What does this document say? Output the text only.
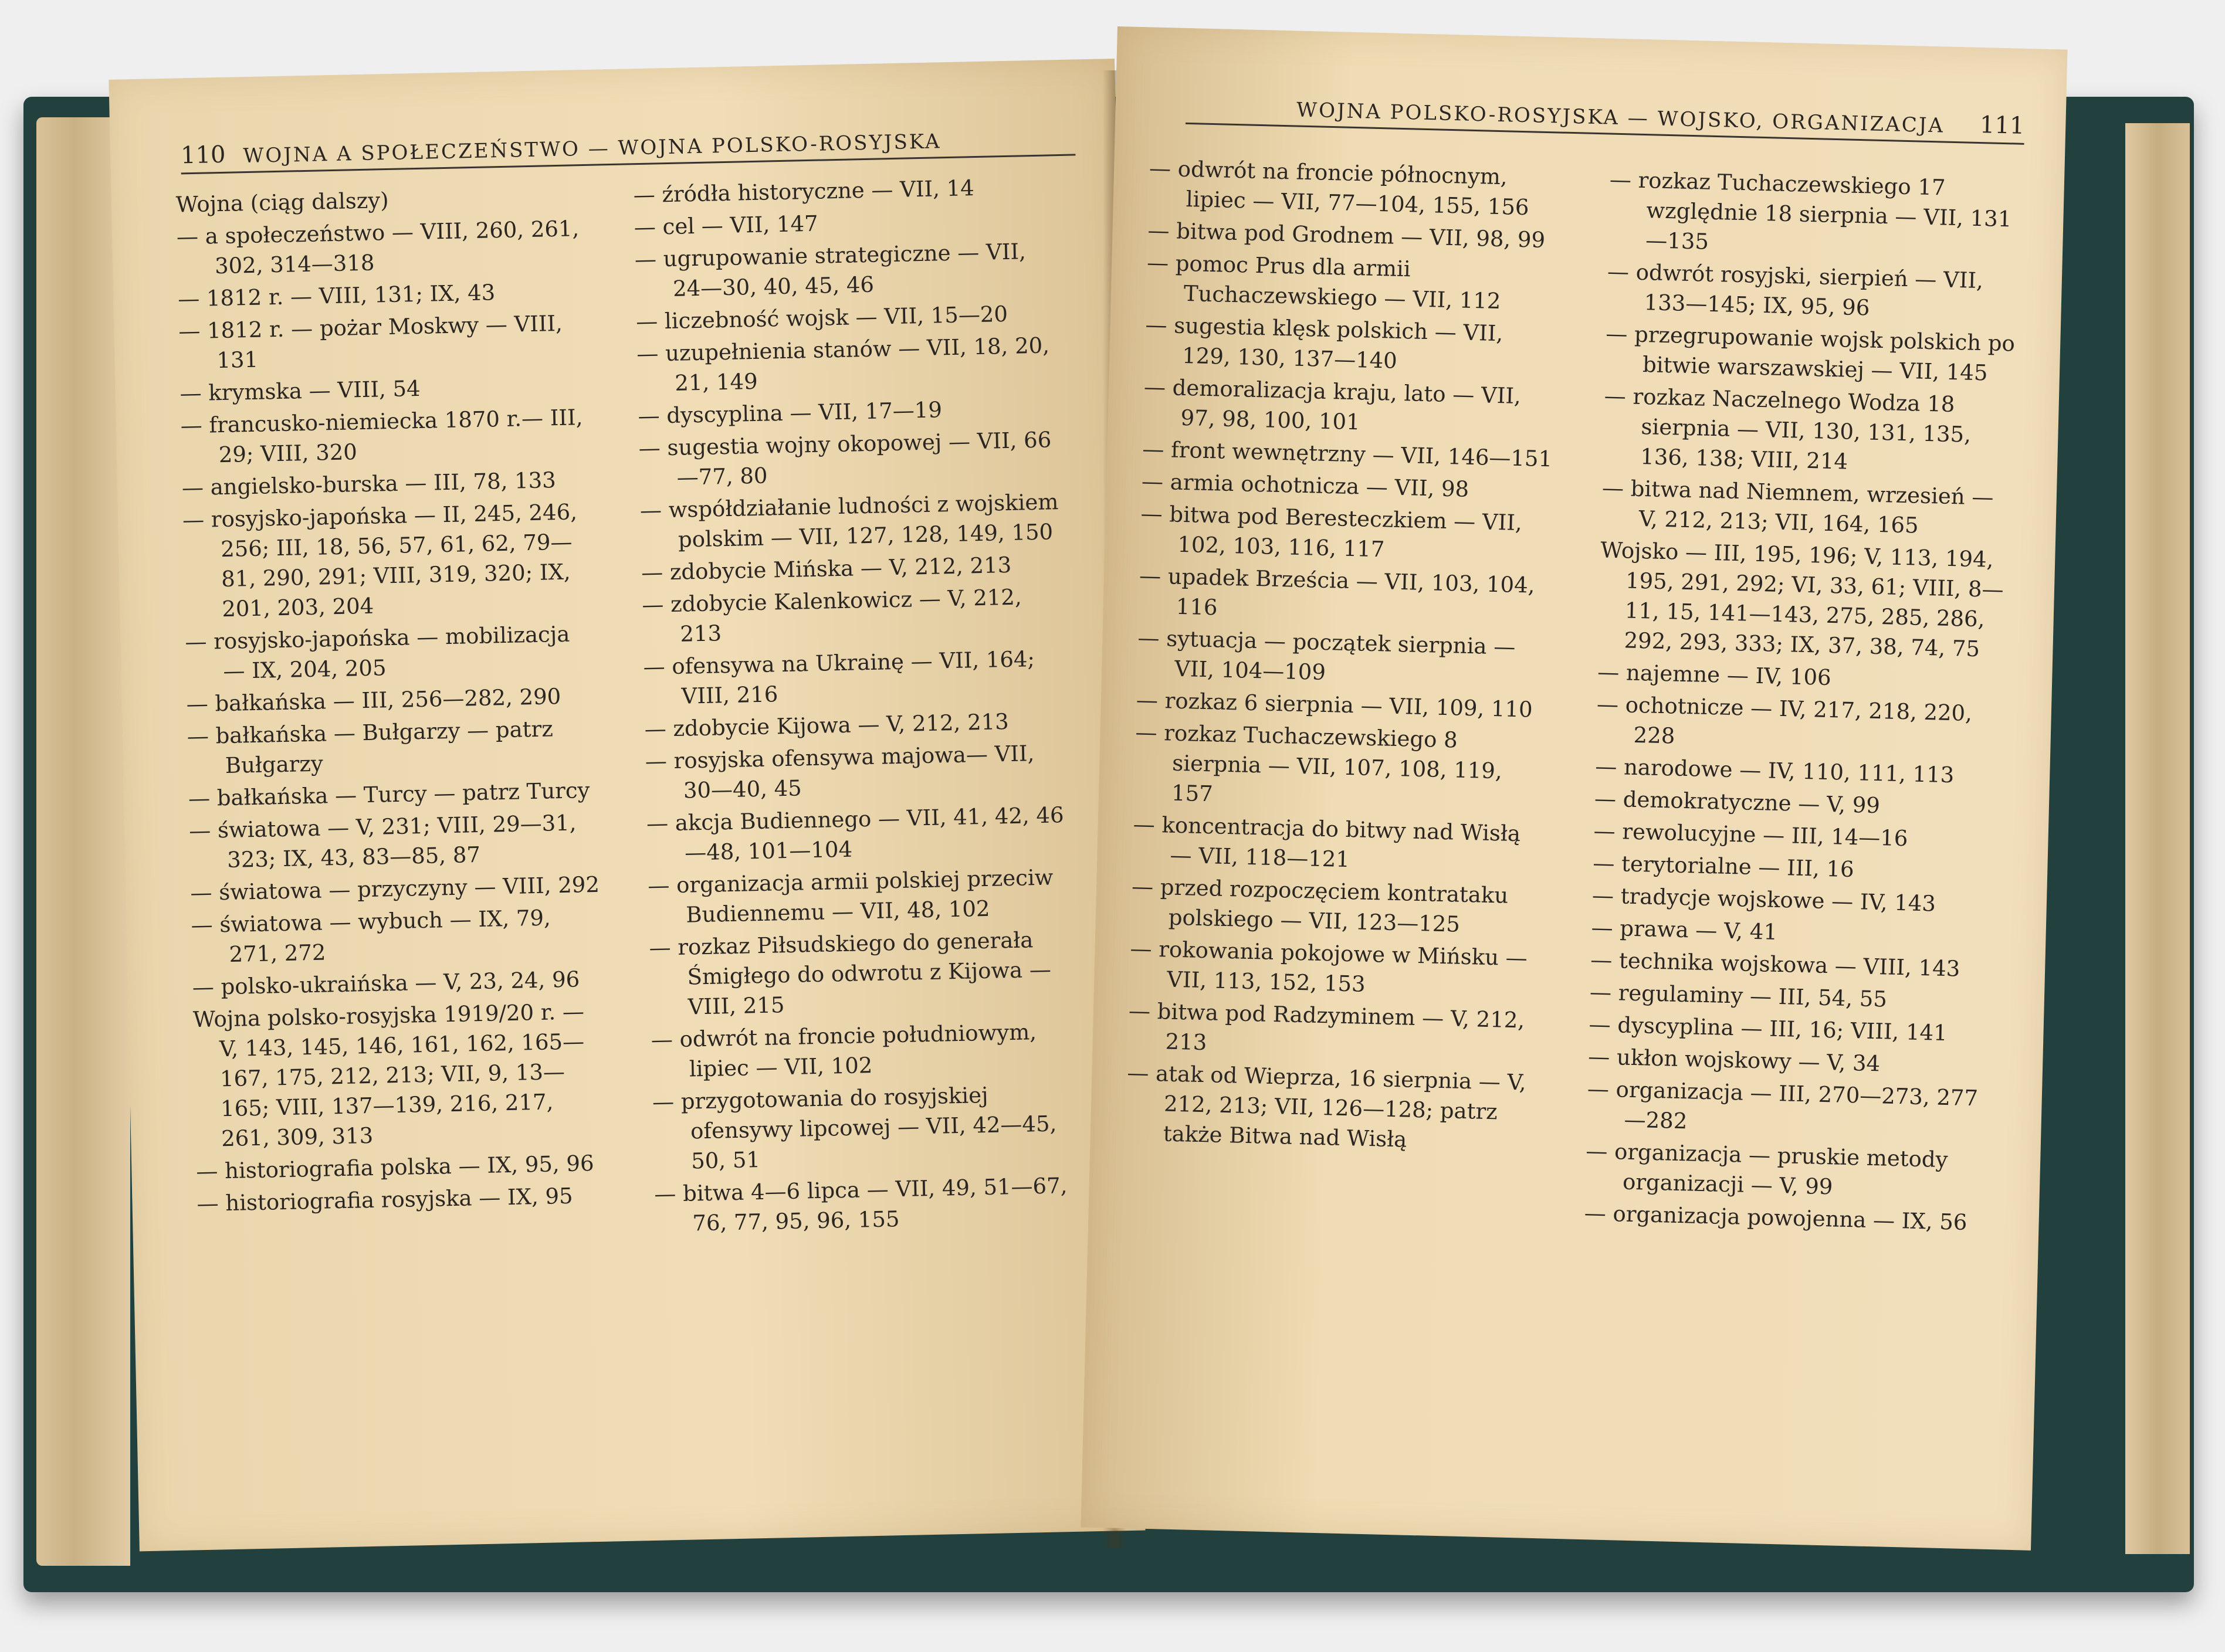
110 WOJNA A SPOŁECZEŃSTWO — WOJNA POLSKO-ROSYJSKA
Wojna (ciąg dalszy)
— a społeczeństwo — VIII, 260, 261, 302, 314—318
— 1812 r. — VIII, 131; IX, 43
— 1812 r. — pożar Moskwy — VIII, 131
— krymska — VIII, 54
— francusko-niemiecka 1870 r.— III, 29; VIII, 320
— angielsko-burska — III, 78, 133
— rosyjsko-japońska — II, 245, 246, 256; III, 18, 56, 57, 61, 62, 79—81, 290, 291; VIII, 319, 320; IX, 201, 203, 204
— rosyjsko-japońska — mobilizacja — IX, 204, 205
— bałkańska — III, 256—282, 290
— bałkańska — Bułgarzy — patrz Bułgarzy
— bałkańska — Turcy — patrz Turcy
— światowa — V, 231; VIII, 29—31, 323; IX, 43, 83—85, 87
— światowa — przyczyny — VIII, 292
— światowa — wybuch — IX, 79, 271, 272
— polsko-ukraińska — V, 23, 24, 96
Wojna polsko-rosyjska 1919/20 r. — V, 143, 145, 146, 161, 162, 165—167, 175, 212, 213; VII, 9, 13—165; VIII, 137—139, 216, 217, 261, 309, 313
— historiografia polska — IX, 95, 96
— historiografia rosyjska — IX, 95
— źródła historyczne — VII, 14
— cel — VII, 147
— ugrupowanie strategiczne — VII, 24—30, 40, 45, 46
— liczebność wojsk — VII, 15—20
— uzupełnienia stanów — VII, 18, 20, 21, 149
— dyscyplina — VII, 17—19
— sugestia wojny okopowej — VII, 66—77, 80
— współdziałanie ludności z wojskiem polskim — VII, 127, 128, 149, 150
— zdobycie Mińska — V, 212, 213
— zdobycie Kalenkowicz — V, 212, 213
— ofensywa na Ukrainę — VII, 164; VIII, 216
— zdobycie Kijowa — V, 212, 213
— rosyjska ofensywa majowa— VII, 30—40, 45
— akcja Budiennego — VII, 41, 42, 46—48, 101—104
— organizacja armii polskiej przeciw Budiennemu — VII, 48, 102
— rozkaz Piłsudskiego do generała Śmigłego do odwrotu z Kijowa — VIII, 215
— odwrót na froncie południowym, lipiec — VII, 102
— przygotowania do rosyjskiej ofensywy lipcowej — VII, 42—45, 50, 51
— bitwa 4—6 lipca — VII, 49, 51—67, 76, 77, 95, 96, 155
WOJNA POLSKO-ROSYJSKA — WOJSKO, ORGANIZACJA 111
— odwrót na froncie północnym, lipiec — VII, 77—104, 155, 156
— bitwa pod Grodnem — VII, 98, 99
— pomoc Prus dla armii Tuchaczewskiego — VII, 112
— sugestia klęsk polskich — VII, 129, 130, 137—140
— demoralizacja kraju, lato — VII, 97, 98, 100, 101
— front wewnętrzny — VII, 146—151
— armia ochotnicza — VII, 98
— bitwa pod Beresteczkiem — VII, 102, 103, 116, 117
— upadek Brześcia — VII, 103, 104, 116
— sytuacja — początek sierpnia — VII, 104—109
— rozkaz 6 sierpnia — VII, 109, 110
— rozkaz Tuchaczewskiego 8 sierpnia — VII, 107, 108, 119, 157
— koncentracja do bitwy nad Wisłą — VII, 118—121
— przed rozpoczęciem kontrataku polskiego — VII, 123—125
— rokowania pokojowe w Mińsku — VII, 113, 152, 153
— bitwa pod Radzyminem — V, 212, 213
— atak od Wieprza, 16 sierpnia — V, 212, 213; VII, 126—128; patrz także Bitwa nad Wisłą
— rozkaz Tuchaczewskiego 17 względnie 18 sierpnia — VII, 131—135
— odwrót rosyjski, sierpień — VII, 133—145; IX, 95, 96
— przegrupowanie wojsk polskich po bitwie warszawskiej — VII, 145
— rozkaz Naczelnego Wodza 18 sierpnia — VII, 130, 131, 135, 136, 138; VIII, 214
— bitwa nad Niemnem, wrzesień — V, 212, 213; VII, 164, 165
Wojsko — III, 195, 196; V, 113, 194, 195, 291, 292; VI, 33, 61; VIII, 8—11, 15, 141—143, 275, 285, 286, 292, 293, 333; IX, 37, 38, 74, 75
— najemne — IV, 106
— ochotnicze — IV, 217, 218, 220, 228
— narodowe — IV, 110, 111, 113
— demokratyczne — V, 99
— rewolucyjne — III, 14—16
— terytorialne — III, 16
— tradycje wojskowe — IV, 143
— prawa — V, 41
— technika wojskowa — VIII, 143
— regulaminy — III, 54, 55
— dyscyplina — III, 16; VIII, 141
— ukłon wojskowy — V, 34
— organizacja — III, 270—273, 277—282
— organizacja — pruskie metody organizacji — V, 99
— organizacja powojenna — IX, 56
